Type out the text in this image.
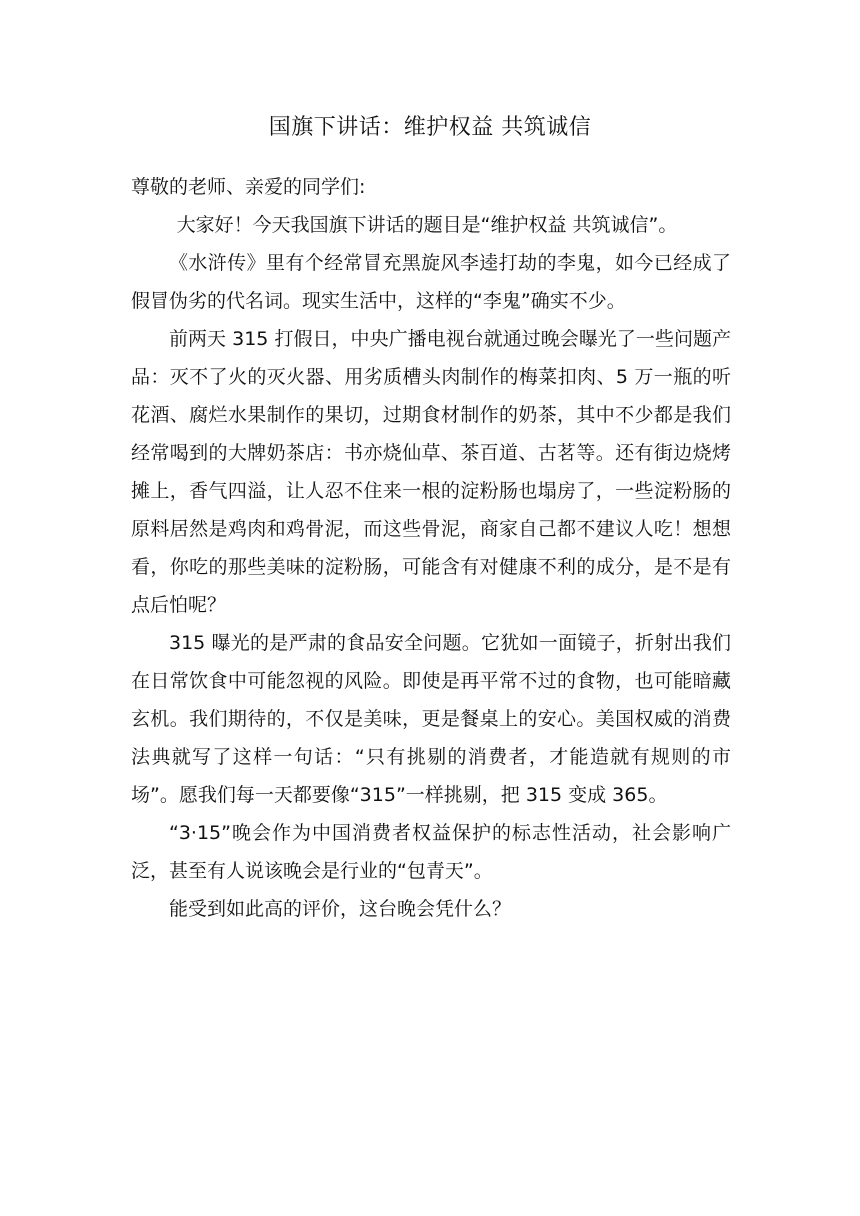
国旗下讲话：维护权益 共筑诚信

尊敬的老师、亲爱的同学们:

大家好！今天我国旗下讲话的题目是“维护权益 共筑诚信”。

《水浒传》里有个经常冒充黑旋风李逵打劫的李鬼，如今已经成了假冒伪劣的代名词。现实生活中，这样的“李鬼”确实不少。

前两天 315 打假日，中央广播电视台就通过晚会曝光了一些问题产品：灭不了火的灭火器、用劣质槽头肉制作的梅菜扣肉、5 万一瓶的听花酒、腐烂水果制作的果切，过期食材制作的奶茶，其中不少都是我们经常喝到的大牌奶茶店：书亦烧仙草、茶百道、古茗等。还有街边烧烤摊上，香气四溢，让人忍不住来一根的淀粉肠也塌房了，一些淀粉肠的原料居然是鸡肉和鸡骨泥，而这些骨泥，商家自己都不建议人吃！想想看，你吃的那些美味的淀粉肠，可能含有对健康不利的成分，是不是有点后怕呢？

315 曝光的是严肃的食品安全问题。它犹如一面镜子，折射出我们在日常饮食中可能忽视的风险。即使是再平常不过的食物，也可能暗藏玄机。我们期待的，不仅是美味，更是餐桌上的安心。美国权威的消费法典就写了这样一句话：“只有挑剔的消费者，才能造就有规则的市场”。愿我们每一天都要像“315”一样挑剔，把 315 变成 365。

“3·15”晚会作为中国消费者权益保护的标志性活动，社会影响广泛，甚至有人说该晚会是行业的“包青天”。

能受到如此高的评价，这台晚会凭什么？
